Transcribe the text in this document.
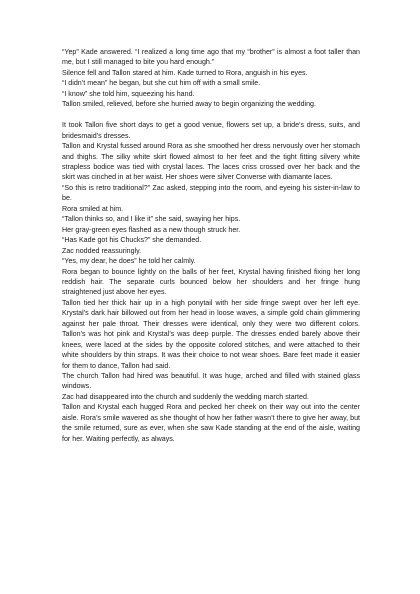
“Yep” Kade answered. “I realized a long time ago that my “brother” is almost a foot taller than me, but I still managed to bite you hard enough.”

Silence fell and Tallon stared at him. Kade turned to Rora, anguish in his eyes.

“I didn’t mean” he began, but she cut him off with a small smile.

“I know” she told him, squeezing his hand.

Tallon smiled, relieved, before she hurried away to begin organizing the wedding.

It took Tallon five short days to get a good venue, flowers set up, a bride’s dress, suits, and bridesmaid’s dresses.

Tallon and Krystal fussed around Rora as she smoothed her dress nervously over her stomach and thighs. The silky white skirt flowed almost to her feet and the tight fitting silvery white strapless bodice was tied with crystal laces. The laces criss crossed over her back and the skirt was cinched in at her waist. Her shoes were silver Converse with diamante laces.

“So this is retro traditional?” Zac asked, stepping into the room, and eyeing his sister-in-law to be.

Rora smiled at him.

“Tallon thinks so, and I like it” she said, swaying her hips.

Her gray-green eyes flashed as a new though struck her.

“Has Kade got his Chucks?” she demanded.

Zac nodded reassuringly.

“Yes, my dear, he does” he told her calmly.

Rora began to bounce lightly on the balls of her feet, Krystal having finished fixing her long reddish hair. The separate curls bounced below her shoulders and her fringe hung straightened just above her eyes.

Tallon tied her thick hair up in a high ponytail with her side fringe swept over her left eye. Krystal’s dark hair billowed out from her head in loose waves, a simple gold chain glimmering against her pale throat. Their dresses were identical, only they were two different colors. Tallon’s was hot pink and Krystal’s was deep purple. The dresses ended barely above their knees, were laced at the sides by the opposite colored stitches, and were attached to their white shoulders by thin straps. It was their choice to not wear shoes. Bare feet made it easier for them to dance, Tallon had said.

The church Tallon had hired was beautiful. It was huge, arched and filled with stained glass windows.

Zac had disappeared into the church and suddenly the wedding march started.

Tallon and Krystal each hugged Rora and pecked her cheek on their way out into the center aisle. Rora’s smile wavered as she thought of how her father wasn’t there to give her away, but the smile returned, sure as ever, when she saw Kade standing at the end of the aisle, waiting for her. Waiting perfectly, as always.
